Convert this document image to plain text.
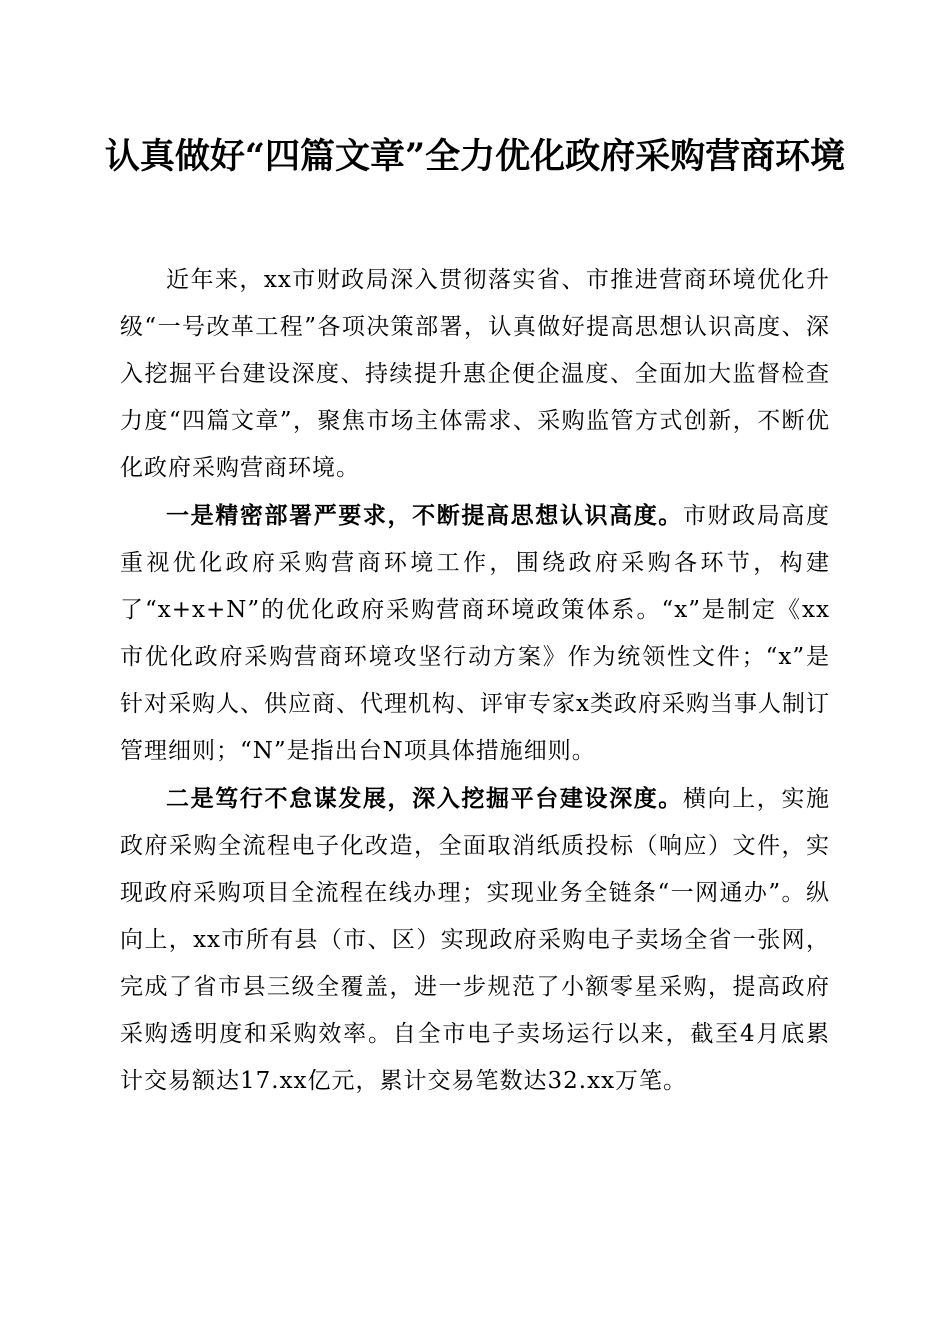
认真做好“四篇文章”全力优化政府采购营商环境

近年来，xx市财政局深入贯彻落实省、市推进营商环境优化升级“一号改革工程”各项决策部署，认真做好提高思想认识高度、深入挖掘平台建设深度、持续提升惠企便企温度、全面加大监督检查力度“四篇文章”，聚焦市场主体需求、采购监管方式创新，不断优化政府采购营商环境。

一是精密部署严要求，不断提高思想认识高度。市财政局高度重视优化政府采购营商环境工作，围绕政府采购各环节，构建了“x+x+N”的优化政府采购营商环境政策体系。“x”是制定《xx市优化政府采购营商环境攻坚行动方案》作为统领性文件；“x”是针对采购人、供应商、代理机构、评审专家x类政府采购当事人制订管理细则；“N”是指出台N项具体措施细则。

二是笃行不怠谋发展，深入挖掘平台建设深度。横向上，实施政府采购全流程电子化改造，全面取消纸质投标（响应）文件，实现政府采购项目全流程在线办理；实现业务全链条“一网通办”。纵向上，xx市所有县（市、区）实现政府采购电子卖场全省一张网，完成了省市县三级全覆盖，进一步规范了小额零星采购，提高政府采购透明度和采购效率。自全市电子卖场运行以来，截至4月底累计交易额达17.xx亿元，累计交易笔数达32.xx万笔。
